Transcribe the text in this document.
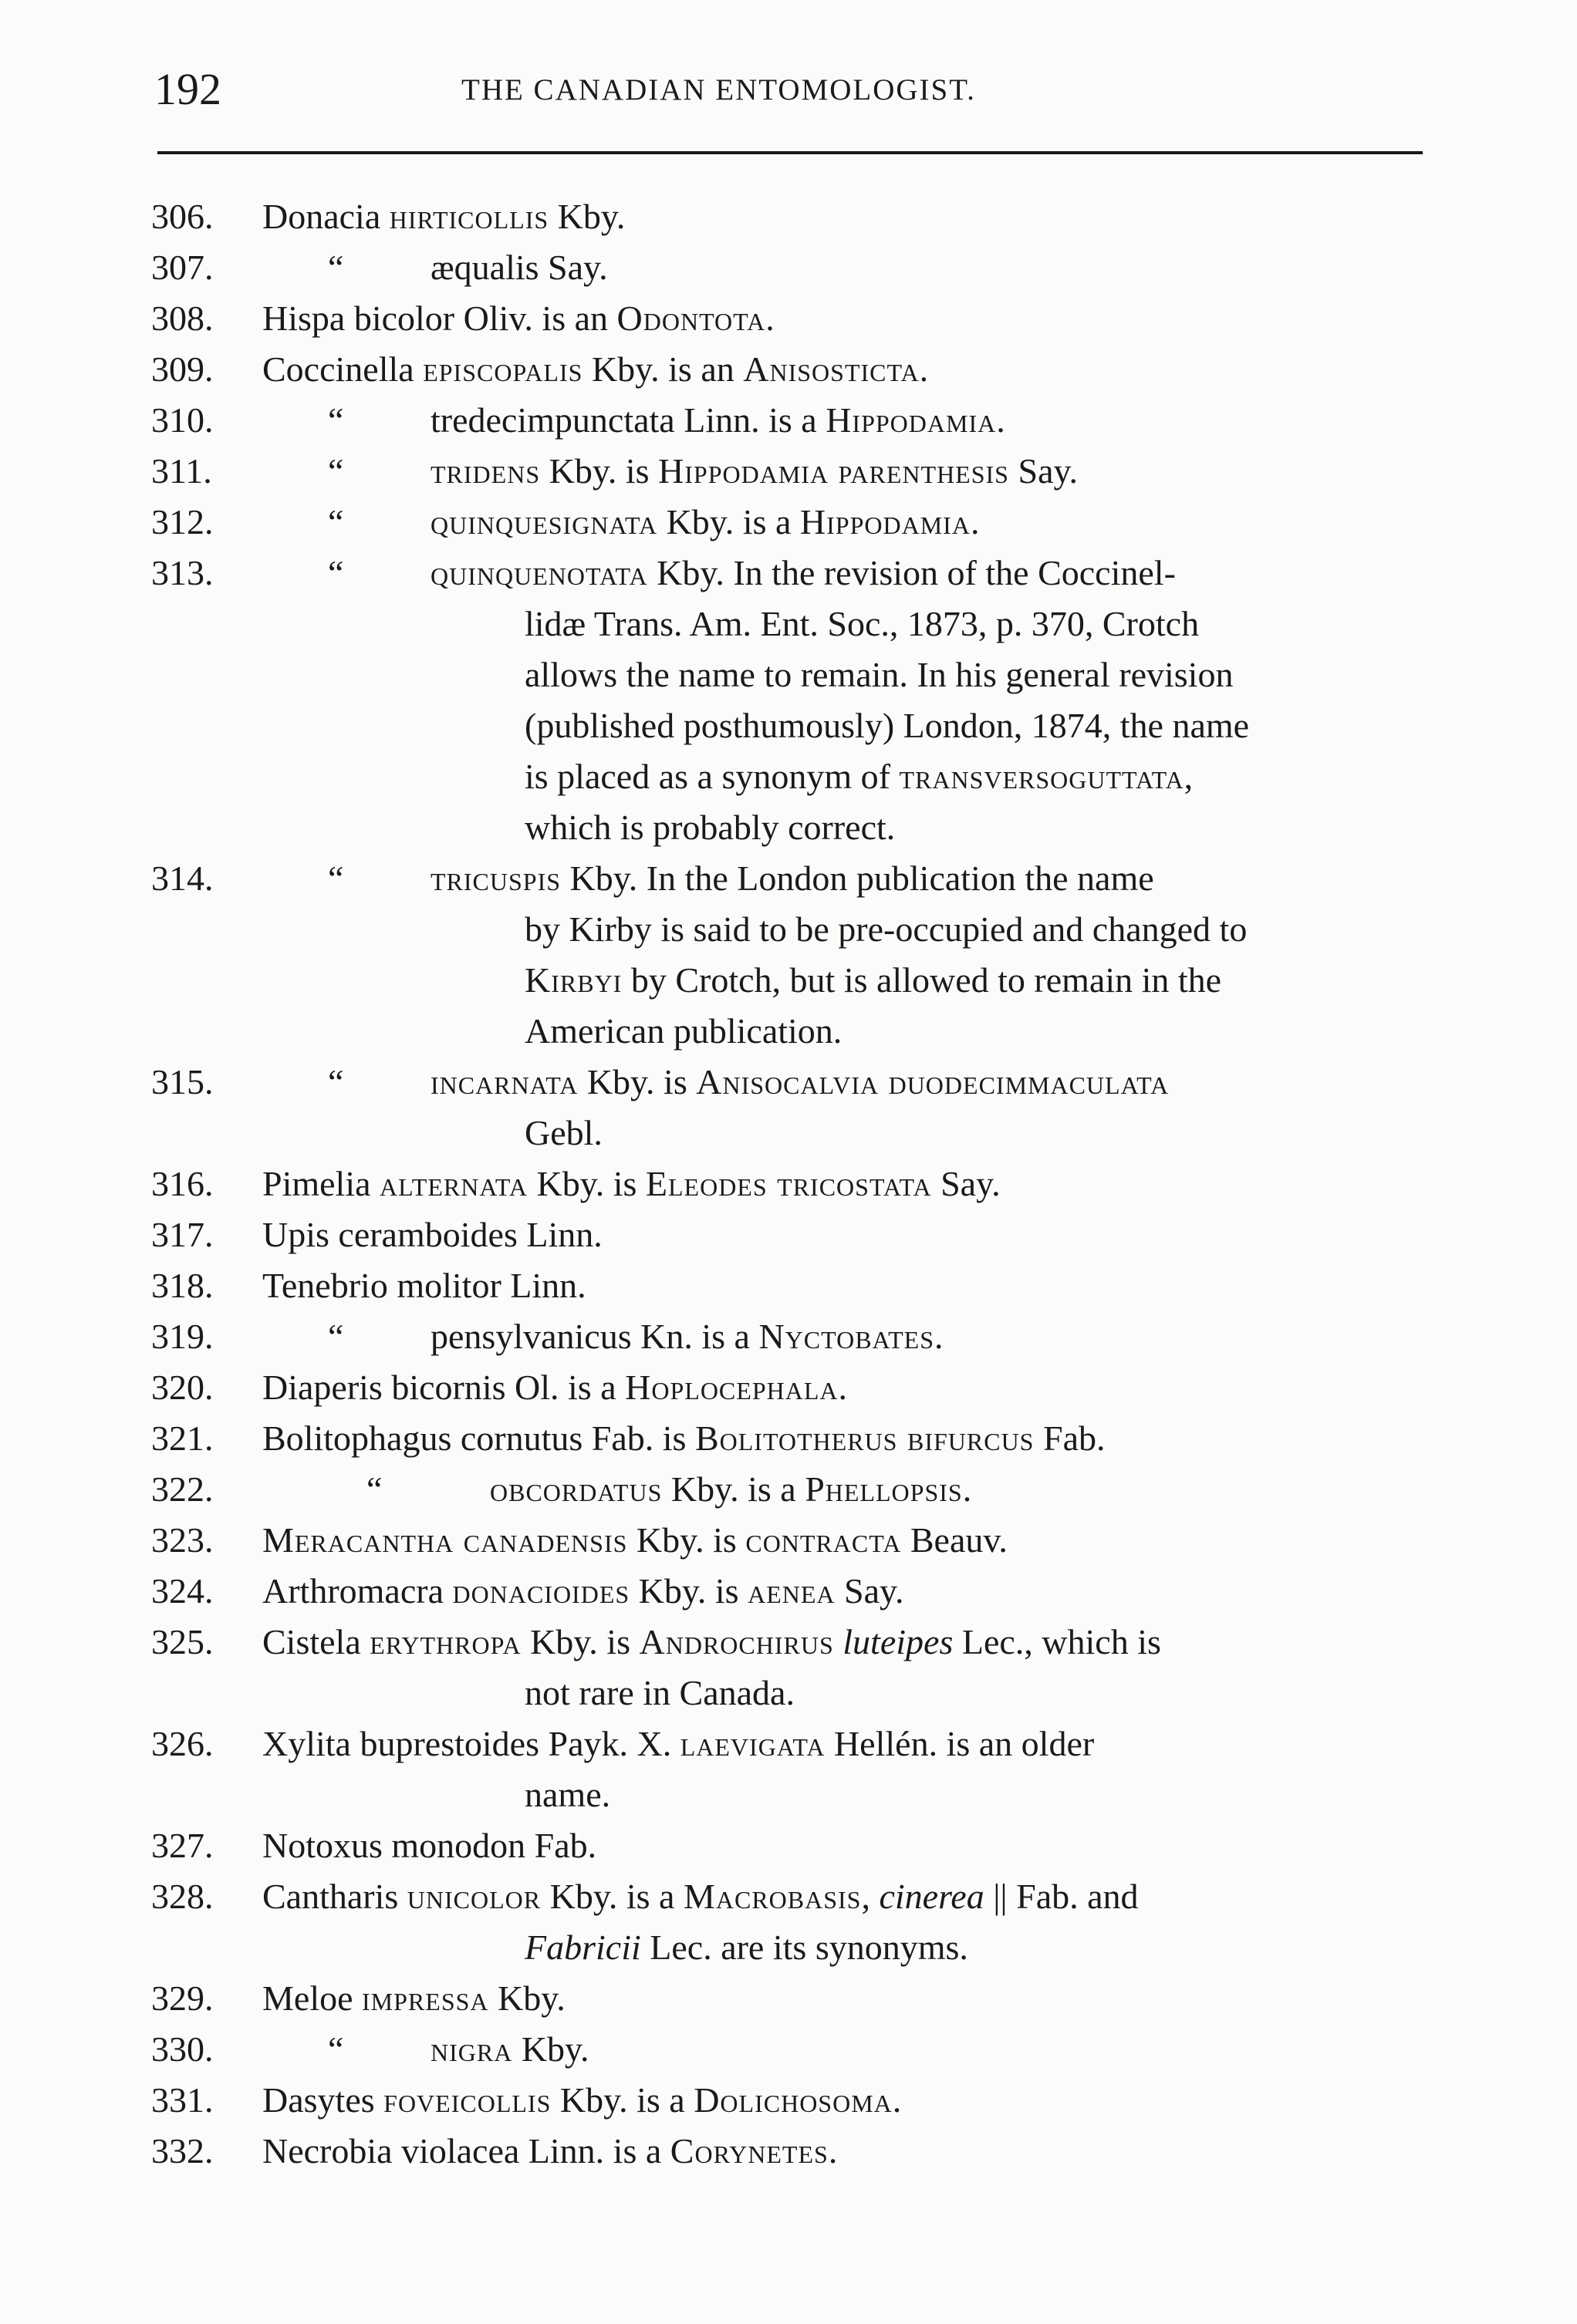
192	THE CANADIAN ENTOMOLOGIST.
306. Donacia hirticollis Kby.
307.	“ æqualis Say.
308. Hispa bicolor Oliv. is an Odontota.
309. Coccinella episcopalis Kby. is an Anisosticta.
310.	“ tredecimpunctata Linn. is a Hippodamia.
311.	“ tridens Kby. is Hippodamia parenthesis Say.
312.	“ quinquesignata Kby. is a Hippodamia.
313.	“ quinquenotata Kby. In the revision of the Coccinel-
lidæ Trans. Am. Ent. Soc., 1873, p. 370, Crotch
allows the name to remain. In his general revision
(published posthumously) London, 1874, the name
is placed as a synonym of transversoguttata,
which is probably correct.
314.	“ tricuspis Kby. In the London publication the name
by Kirby is said to be pre-occupied and changed to
Kirbyi by Crotch, but is allowed to remain in the
American publication.
315.	“ incarnata Kby. is Anisocalvia duodecimmaculata
Gebl.
316. Pimelia alternata Kby. is Eleodes tricostata Say.
317. Upis ceramboides Linn.
318. Tenebrio molitor Linn.
319.	“ pensylvanicus Kn. is a Nyctobates.
320. Diaperis bicornis Ol. is a Hoplocephala.
321. Bolitophagus cornutus Fab. is Bolitotherus bifurcus Fab.
322.	“	obcordatus Kby. is a Phellopsis.
323. Meracantha canadensis Kby. is contracta Beauv.
324. Arthromacra donacioides Kby. is aenea Say.
325. Cistela erythropa Kby. is Androchirus luteipes Lec., which is
not rare in Canada.
326. Xylita buprestoides Payk. X. laevigata Hellén. is an older
name.
327. Notoxus monodon Fab.
328. Cantharis unicolor Kby. is a Macrobasis, cinerea || Fab. and
Fabricii Lec. are its synonyms.
329. Meloe impressa Kby.
330.	“ nigra Kby.
331. Dasytes foveicollis Kby. is a Dolichosoma.
332. Necrobia violacea Linn. is a Corynetes.
